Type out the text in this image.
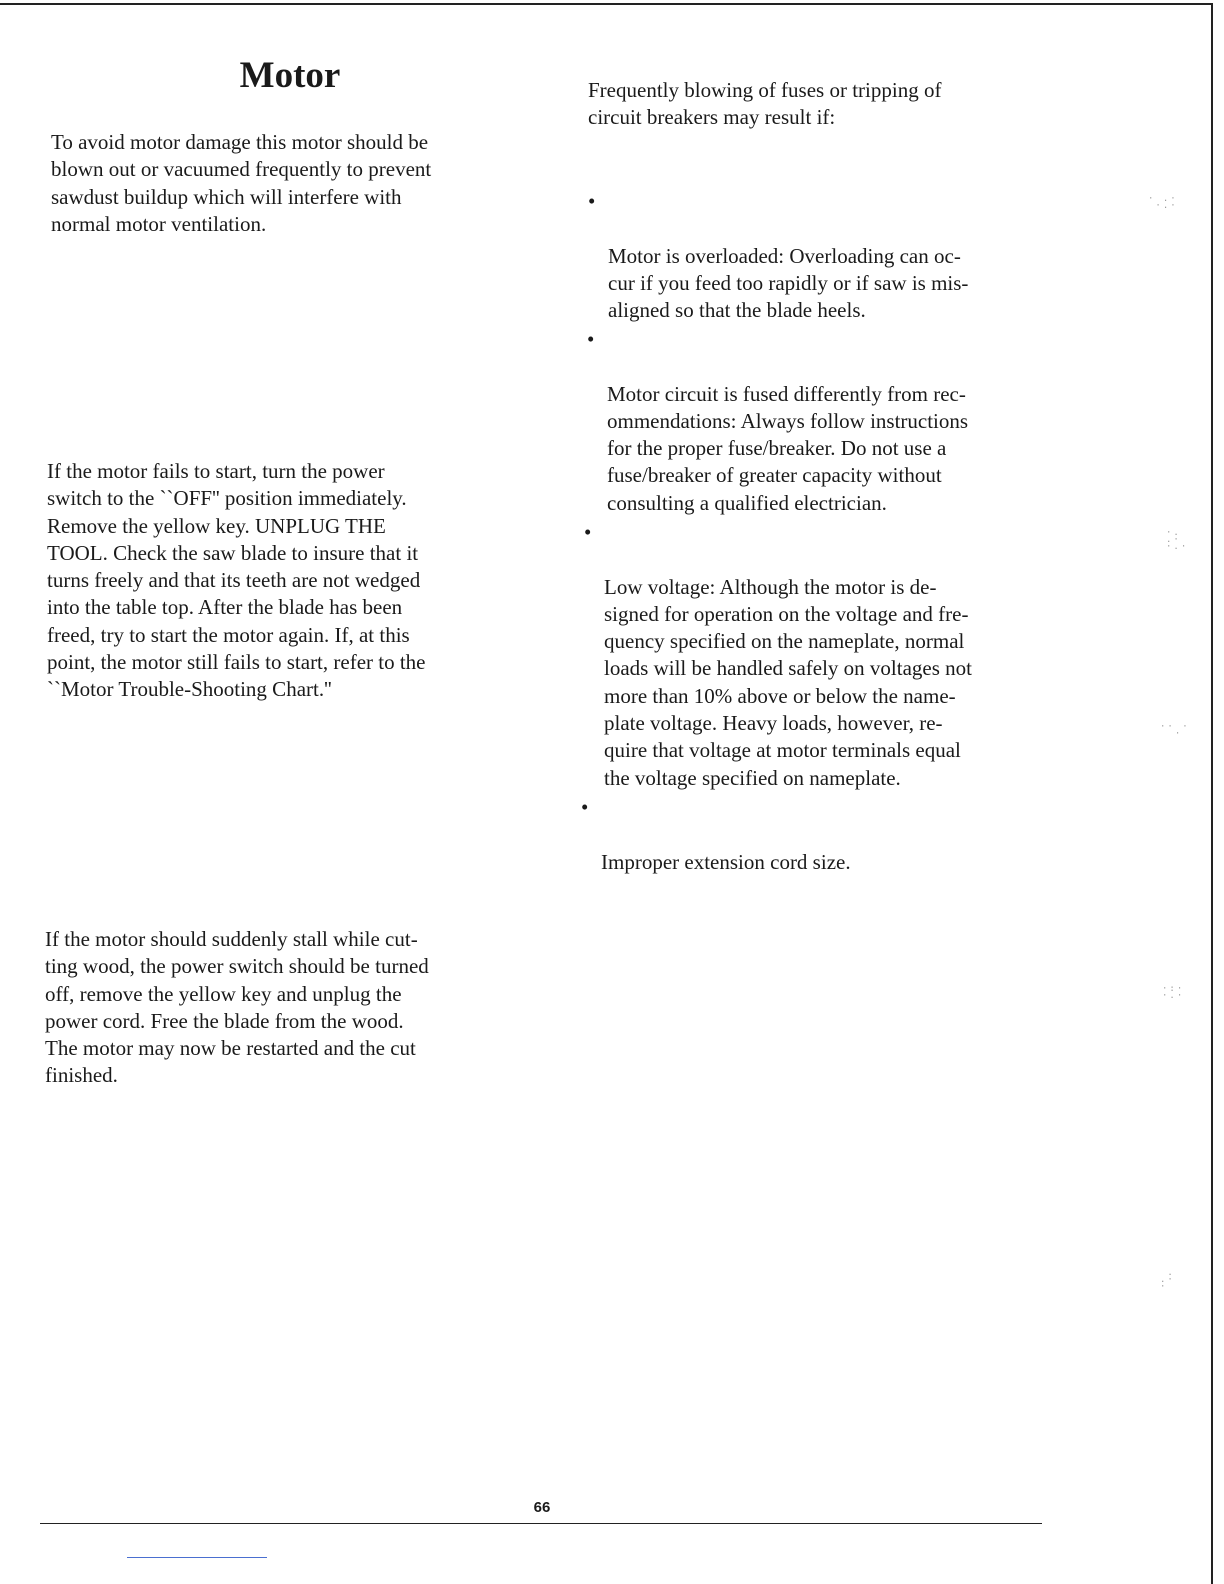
Motor

To avoid motor damage this motor should be
blown out or vacuumed frequently to prevent
sawdust buildup which will interfere with
normal motor ventilation.

If the motor fails to start, turn the power
switch to the ``OFF'' position immediately.
Remove the yellow key. UNPLUG THE
TOOL. Check the saw blade to insure that it
turns freely and that its teeth are not wedged
into the table top. After the blade has been
freed, try to start the motor again. If, at this
point, the motor still fails to start, refer to the
``Motor Trouble-Shooting Chart.''

If the motor should suddenly stall while cut-
ting wood, the power switch should be turned
off, remove the yellow key and unplug the
power cord. Free the blade from the wood.
The motor may now be restarted and the cut
finished.

Frequently blowing of fuses or tripping of
circuit breakers may result if:

•

Motor is overloaded: Overloading can oc-
cur if you feed too rapidly or if saw is mis-
aligned so that the blade heels.

•

Motor circuit is fused differently from rec-
ommendations: Always follow instructions
for the proper fuse/breaker. Do not use a
fuse/breaker of greater capacity without
consulting a qualified electrician.

•

Low voltage: Although the motor is de-
signed for operation on the voltage and fre-
quency specified on the nameplate, normal
loads will be handled safely on voltages not
more than 10% above or below the name-
plate voltage. Heavy loads, however, re-
quire that voltage at motor terminals equal
the voltage specified on nameplate.

•

Improper extension cord size.

66

· .·
·.·
·.
.·
·.·
·· ·
·
·:·
·.·
.
.·
·
